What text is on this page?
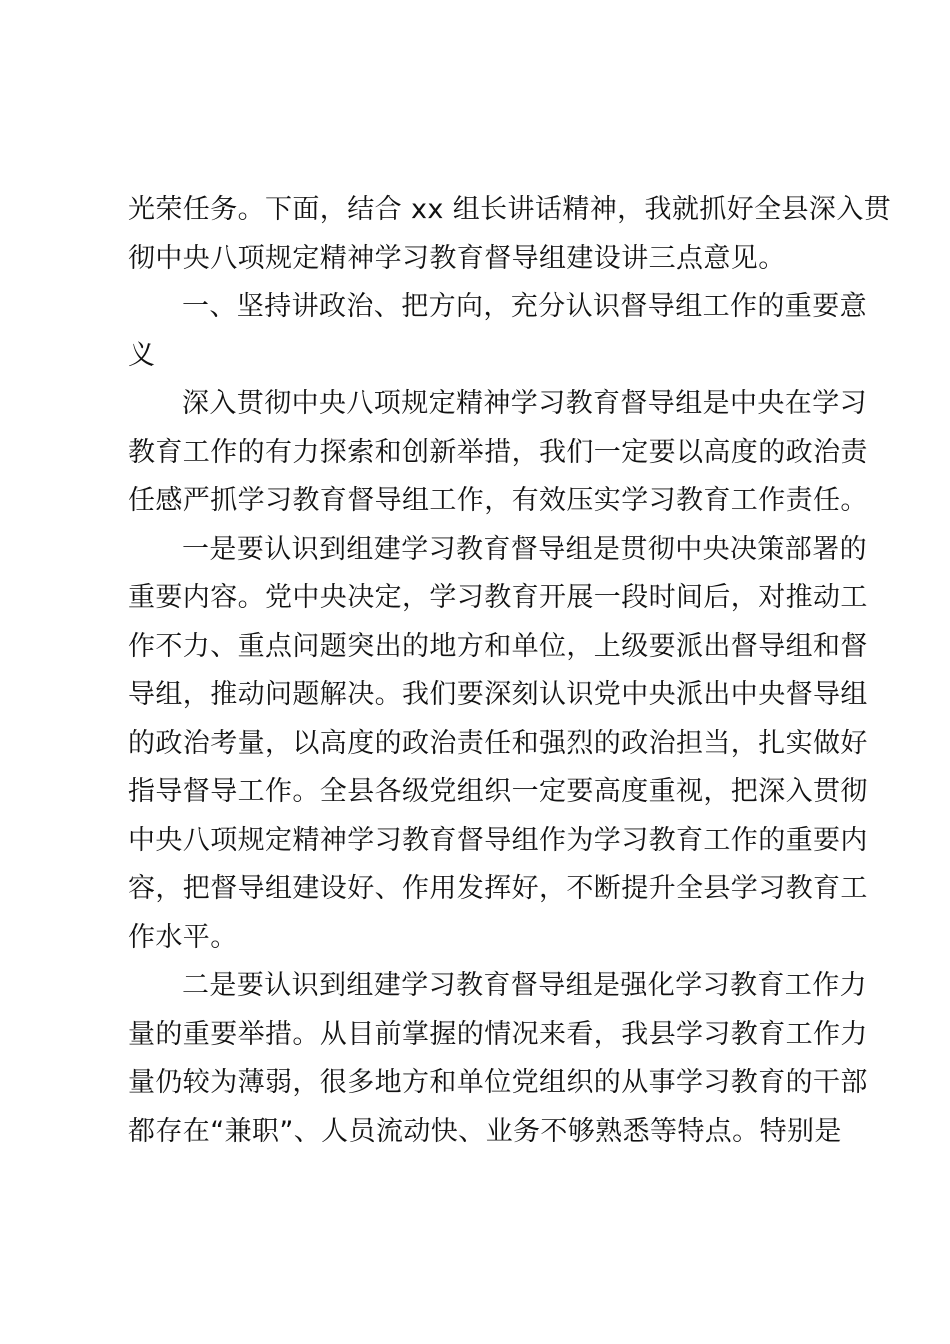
光荣任务。下面，结合 xx 组长讲话精神，我就抓好全县深入贯
彻中央八项规定精神学习教育督导组建设讲三点意见。
一、坚持讲政治、把方向，充分认识督导组工作的重要意
义
深入贯彻中央八项规定精神学习教育督导组是中央在学习
教育工作的有力探索和创新举措，我们一定要以高度的政治责
任感严抓学习教育督导组工作，有效压实学习教育工作责任。
一是要认识到组建学习教育督导组是贯彻中央决策部署的
重要内容。党中央决定，学习教育开展一段时间后，对推动工
作不力、重点问题突出的地方和单位，上级要派出督导组和督
导组，推动问题解决。我们要深刻认识党中央派出中央督导组
的政治考量，以高度的政治责任和强烈的政治担当，扎实做好
指导督导工作。全县各级党组织一定要高度重视，把深入贯彻
中央八项规定精神学习教育督导组作为学习教育工作的重要内
容，把督导组建设好、作用发挥好，不断提升全县学习教育工
作水平。
二是要认识到组建学习教育督导组是强化学习教育工作力
量的重要举措。从目前掌握的情况来看，我县学习教育工作力
量仍较为薄弱，很多地方和单位党组织的从事学习教育的干部
都存在“兼职”、人员流动快、业务不够熟悉等特点。特别是
